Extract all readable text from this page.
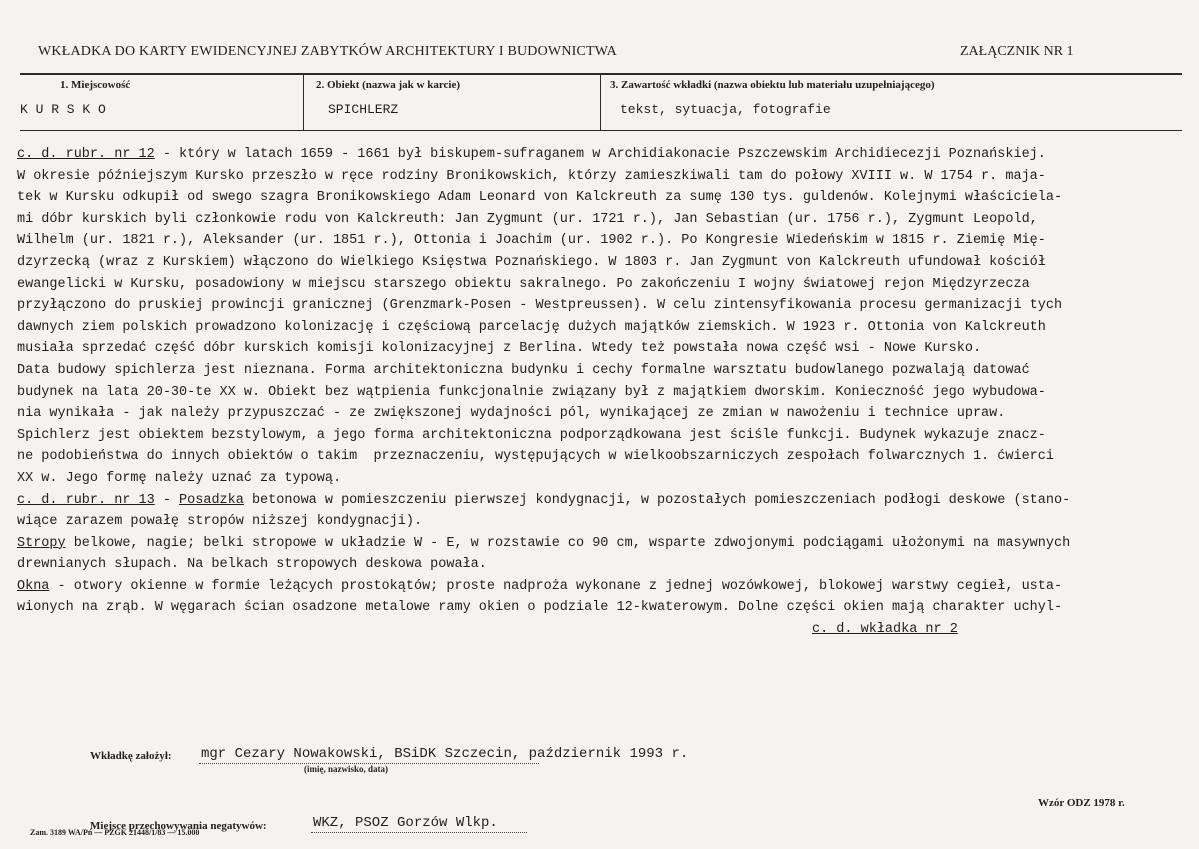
WKŁADKA DO KARTY EWIDENCYJNEJ ZABYTKÓW ARCHITEKTURY I BUDOWNICTWA	ZAŁĄCZNIK NR 1
1. Miejscowość
K U R S K O
2. Obiekt (nazwa jak w karcie)
SPICHLERZ
3. Zawartość wkładki (nazwa obiektu lub materiału uzupełniającego)
tekst, sytuacja, fotografie
c. d. rubr. nr 12 - który w latach 1659 - 1661 był biskupem-sufraganem w Archidiakonacie Pszczewskim Archidiecezji Poznańskiej.
W okresie późniejszym Kursko przeszło w ręce rodziny Bronikowskich, którzy zamieszkiwali tam do połowy XVIII w. W 1754 r. maja-
tek w Kursku odkupił od swego szagra Bronikowskiego Adam Leonard von Kalckreuth za sumę 130 tys. guldenów. Kolejnymi właściciela-
mi dóbr kurskich byli członkowie rodu von Kalckreuth: Jan Zygmunt (ur. 1721 r.), Jan Sebastian (ur. 1756 r.), Zygmunt Leopold,
Wilhelm (ur. 1821 r.), Aleksander (ur. 1851 r.), Ottonia i Joachim (ur. 1902 r.). Po Kongresie Wiedeńskim w 1815 r. Ziemię Mię-
dzyrzecką (wraz z Kurskiem) włączono do Wielkiego Księstwa Poznańskiego. W 1803 r. Jan Zygmunt von Kalckreuth ufundował kościół
ewangelicki w Kursku, posadowiony w miejscu starszego obiektu sakralnego. Po zakończeniu I wojny światowej rejon Międzyrzecza
przyłączono do pruskiej prowincji granicznej (Grenzmark-Posen - Westpreussen). W celu zintensyfikowania procesu germanizacji tych
dawnych ziem polskich prowadzono kolonizację i częściową parcelację dużych majątków ziemskich. W 1923 r. Ottonia von Kalckreuth
musiała sprzedać część dóbr kurskich komisji kolonizacyjnej z Berlina. Wtedy też powstała nowa część wsi - Nowe Kursko.
Data budowy spichlerza jest nieznana. Forma architektoniczna budynku i cechy formalne warsztatu budowlanego pozwalają datować
budynek na lata 20-30-te XX w. Obiekt bez wątpienia funkcjonalnie związany był z majątkiem dworskim. Konieczność jego wybudowa-
nia wynikała - jak należy przypuszczać - ze zwiększonej wydajności pól, wynikającej ze zmian w nawożeniu i technice upraw.
Spichlerz jest obiektem bezstylowym, a jego forma architektoniczna podporządkowana jest ściśle funkcji. Budynek wykazuje znacz-
ne podobieństwa do innych obiektów o takim  przeznaczeniu, występujących w wielkoobszarniczych zespołach folwarcznych 1. ćwierci
XX w. Jego formę należy uznać za typową.
c. d. rubr. nr 13 - Posadzka betonowa w pomieszczeniu pierwszej kondygnacji, w pozostałych pomieszczeniach podłogi deskowe (stano-
wiące zarazem powałę stropów niższej kondygnacji).
Stropy belkowe, nagie; belki stropowe w układzie W - E, w rozstawie co 90 cm, wsparte zdwojonymi podciągami ułożonymi na masywnych
drewnianych słupach. Na belkach stropowych deskowa powała.
Okna - otwory okienne w formie leżących prostokątów; proste nadproża wykonane z jednej wozówkowej, blokowej warstwy cegieł, usta-
wionych na zrąb. W węgarach ścian osadzone metalowe ramy okien o podziale 12-kwaterowym. Dolne części okien mają charakter uchyl-
c. d. wkładka nr 2
Wkładkę założył: mgr Cezary Nowakowski, BSiDK Szczecin, październik 1993 r.
(imię, nazwisko, data)
Wzór ODZ 1978 r.
Miejsce przechowywania negatywów:	WKZ, PSOZ Gorzów Wlkp.
Zam. 3189 WA/Pń — PZGK 21448/1/83 — 15.000
